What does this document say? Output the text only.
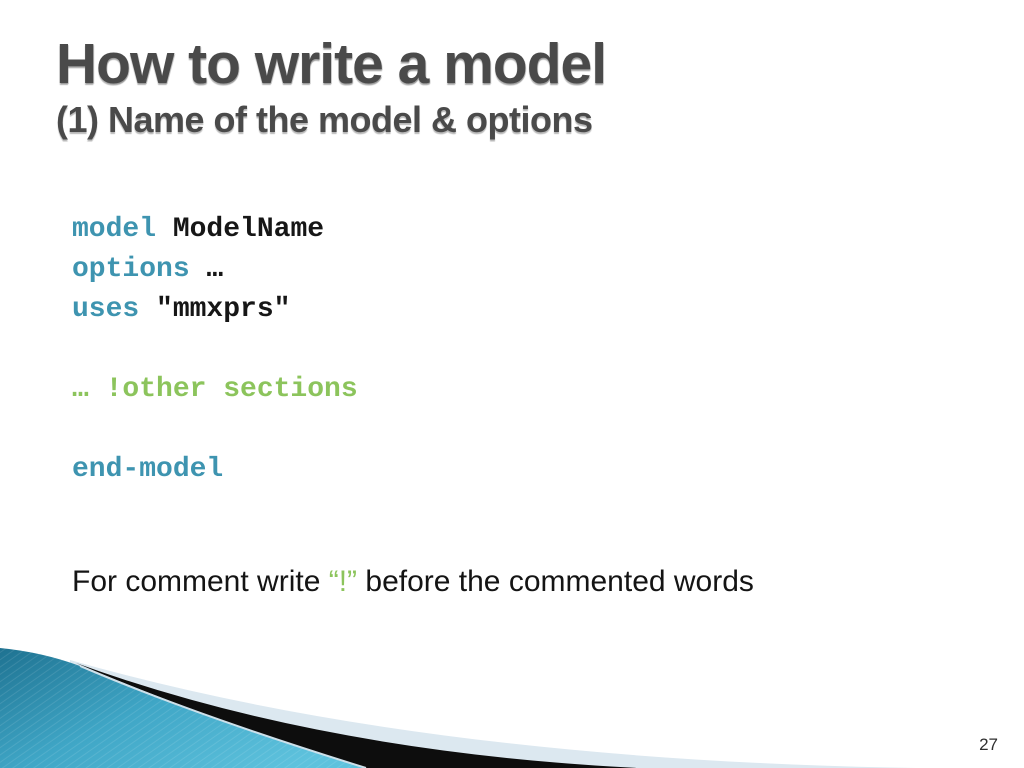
How to write a model
(1) Name of the model & options
model ModelName
options …
uses "mmxprs"

… !other sections

end-model
For comment write “!” before the commented words
27
